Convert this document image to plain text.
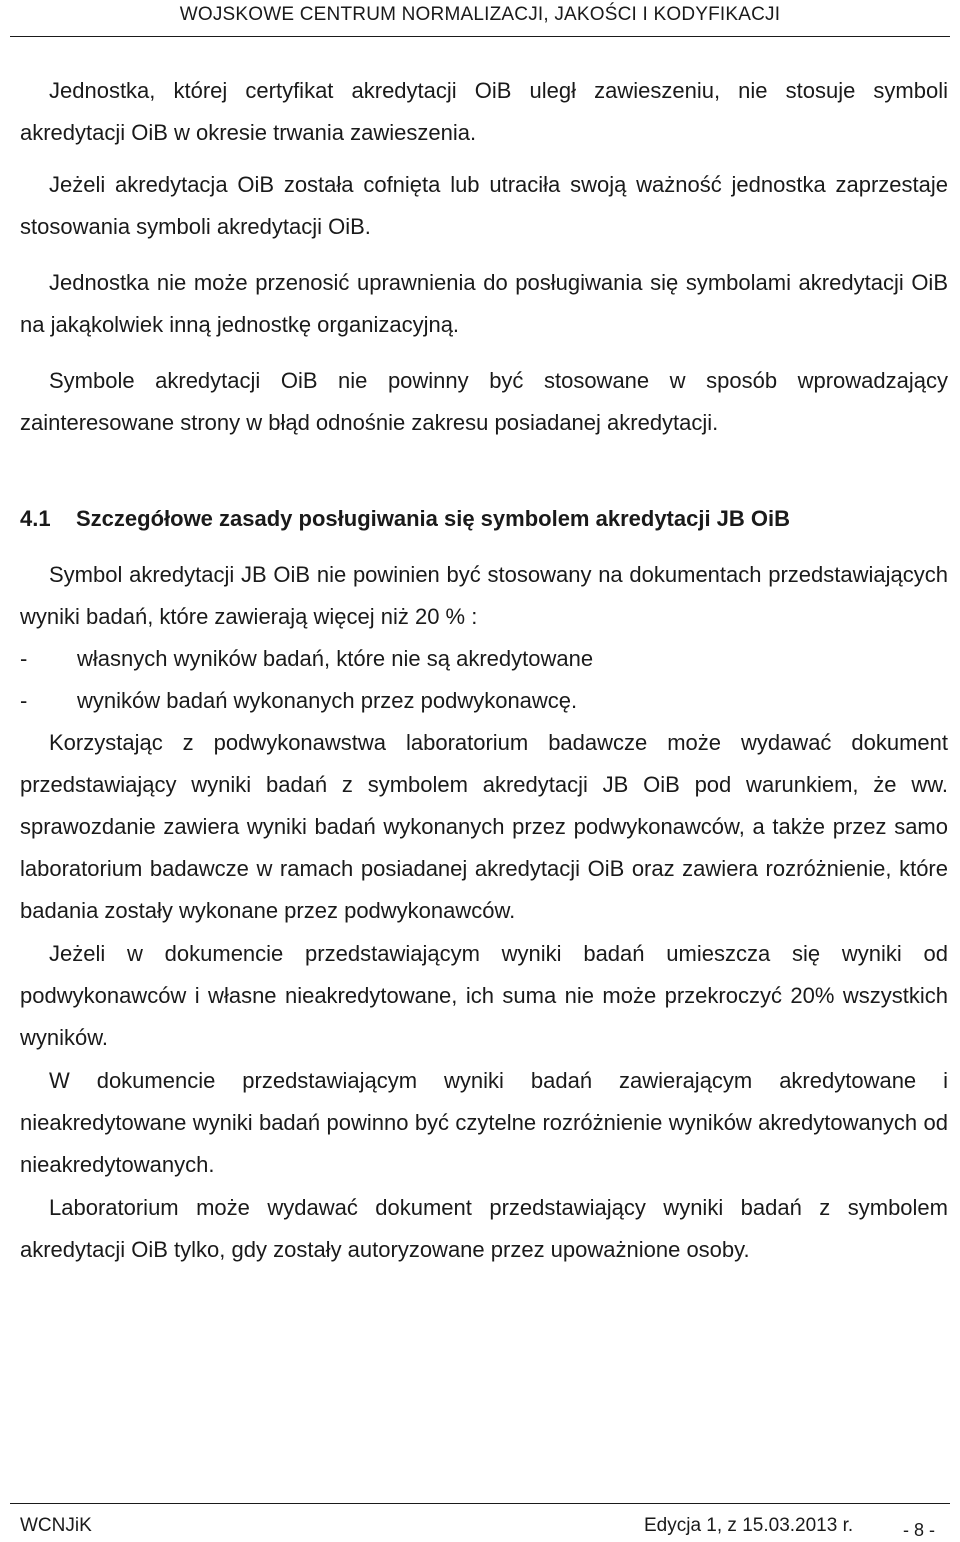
WOJSKOWE CENTRUM NORMALIZACJI, JAKOŚCI I KODYFIKACJI

Jednostka, której certyfikat akredytacji OiB uległ zawieszeniu, nie stosuje symboli akredytacji OiB w okresie trwania zawieszenia.

Jeżeli akredytacja OiB została cofnięta lub utraciła swoją ważność jednostka zaprzestaje stosowania symboli akredytacji OiB.

Jednostka nie może przenosić uprawnienia do posługiwania się symbolami akredytacji OiB na jakąkolwiek inną jednostkę organizacyjną.

Symbole akredytacji OiB nie powinny być stosowane w sposób wprowadzający zainteresowane strony w błąd odnośnie zakresu posiadanej akredytacji.

4.1 Szczegółowe zasady posługiwania się symbolem akredytacji JB OiB

Symbol akredytacji JB OiB nie powinien być stosowany na dokumentach przedstawiających wyniki badań, które zawierają więcej niż 20 % :

-	własnych wyników badań, które nie są akredytowane
-	wyników badań wykonanych przez podwykonawcę.

Korzystając z podwykonawstwa laboratorium badawcze może wydawać dokument przedstawiający wyniki badań z symbolem akredytacji JB OiB pod warunkiem, że ww. sprawozdanie zawiera wyniki badań wykonanych przez podwykonawców, a także przez samo laboratorium badawcze w ramach posiadanej akredytacji OiB oraz zawiera rozróżnienie, które badania zostały wykonane przez podwykonawców.

Jeżeli w dokumencie przedstawiającym wyniki badań umieszcza się wyniki od podwykonawców i własne nieakredytowane, ich suma nie może przekroczyć 20% wszystkich wyników.

W dokumencie przedstawiającym wyniki badań zawierającym akredytowane i nieakredytowane wyniki badań powinno być czytelne rozróżnienie wyników akredytowanych od nieakredytowanych.

Laboratorium może wydawać dokument przedstawiający wyniki badań z symbolem akredytacji OiB tylko, gdy zostały autoryzowane przez upoważnione osoby.

WCNJiK	Edycja 1, z 15.03.2013 r.	- 8 -
